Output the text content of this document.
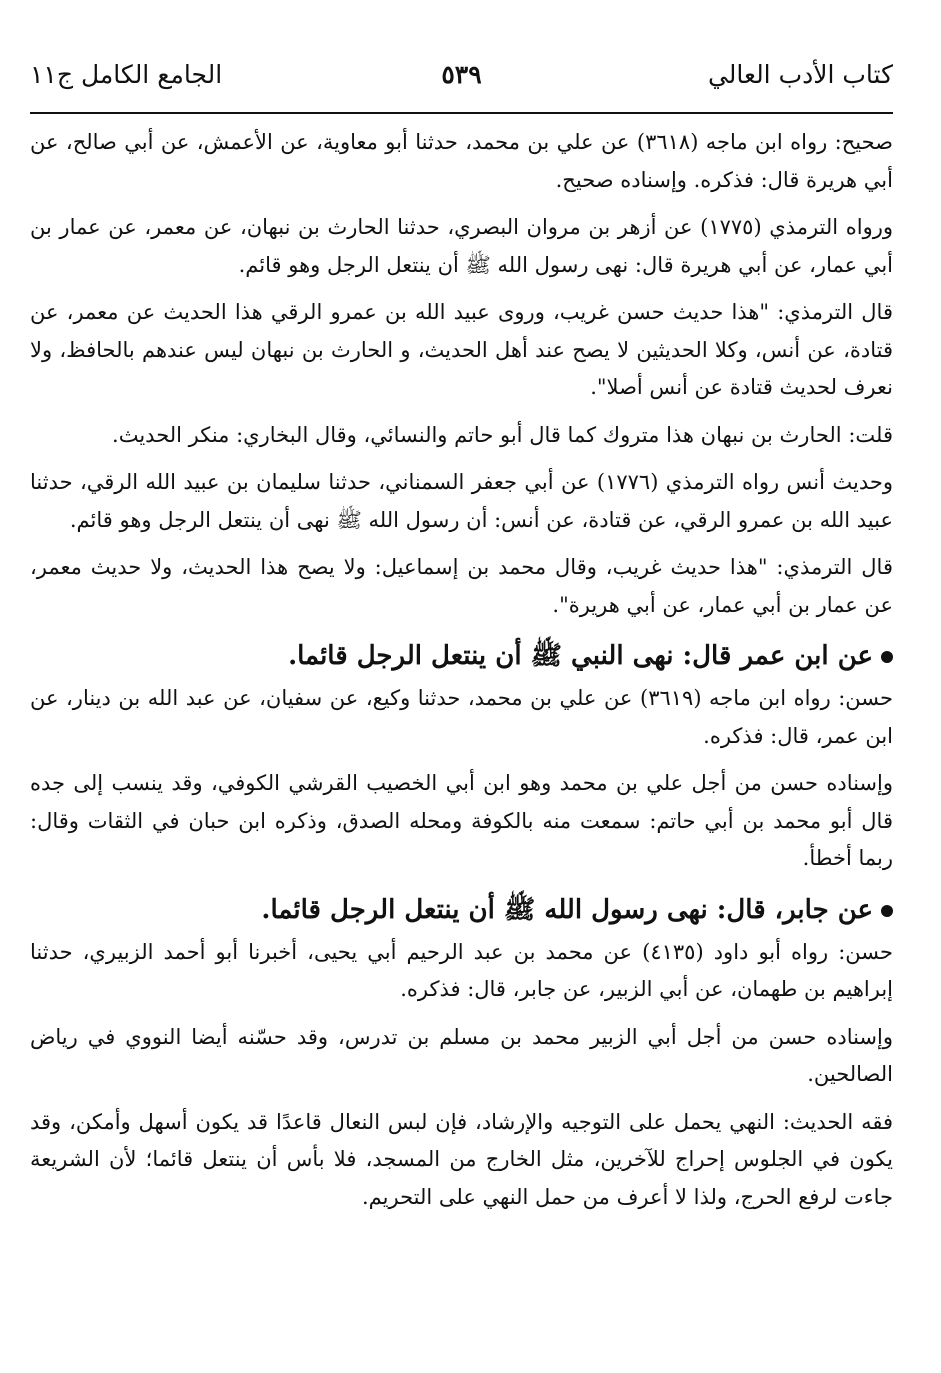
كتاب الأدب العالي
٥٣٩
الجامع الكامل ج١١

صحيح: رواه ابن ماجه (٣٦١٨) عن علي بن محمد، حدثنا أبو معاوية، عن الأعمش، عن أبي صالح، عن أبي هريرة قال: فذكره. وإسناده صحيح.

ورواه الترمذي (١٧٧٥) عن أزهر بن مروان البصري، حدثنا الحارث بن نبهان، عن معمر، عن عمار بن أبي عمار، عن أبي هريرة قال: نهى رسول الله ﷺ أن ينتعل الرجل وهو قائم.

قال الترمذي: "هذا حديث حسن غريب، وروى عبيد الله بن عمرو الرقي هذا الحديث عن معمر، عن قتادة، عن أنس، وكلا الحديثين لا يصح عند أهل الحديث، و الحارث بن نبهان ليس عندهم بالحافظ، ولا نعرف لحديث قتادة عن أنس أصلا".

قلت: الحارث بن نبهان هذا متروك كما قال أبو حاتم والنسائي، وقال البخاري: منكر الحديث.

وحديث أنس رواه الترمذي (١٧٧٦) عن أبي جعفر السمناني، حدثنا سليمان بن عبيد الله الرقي، حدثنا عبيد الله بن عمرو الرقي، عن قتادة، عن أنس: أن رسول الله ﷺ نهى أن ينتعل الرجل وهو قائم.

قال الترمذي: "هذا حديث غريب، وقال محمد بن إسماعيل: ولا يصح هذا الحديث، ولا حديث معمر، عن عمار بن أبي عمار، عن أبي هريرة".

عن ابن عمر قال: نهى النبي ﷺ أن ينتعل الرجل قائما.

حسن: رواه ابن ماجه (٣٦١٩) عن علي بن محمد، حدثنا وكيع، عن سفيان، عن عبد الله بن دينار، عن ابن عمر، قال: فذكره.

وإسناده حسن من أجل علي بن محمد وهو ابن أبي الخصيب القرشي الكوفي، وقد ينسب إلى جده قال أبو محمد بن أبي حاتم: سمعت منه بالكوفة ومحله الصدق، وذكره ابن حبان في الثقات وقال: ربما أخطأ.

عن جابر، قال: نهى رسول الله ﷺ أن ينتعل الرجل قائما.

حسن: رواه أبو داود (٤١٣٥) عن محمد بن عبد الرحيم أبي يحيى، أخبرنا أبو أحمد الزبيري، حدثنا إبراهيم بن طهمان، عن أبي الزبير، عن جابر، قال: فذكره.

وإسناده حسن من أجل أبي الزبير محمد بن مسلم بن تدرس، وقد حسّنه أيضا النووي في رياض الصالحين.

فقه الحديث: النهي يحمل على التوجيه والإرشاد، فإن لبس النعال قاعدًا قد يكون أسهل وأمكن، وقد يكون في الجلوس إحراج للآخرين، مثل الخارج من المسجد، فلا بأس أن ينتعل قائما؛ لأن الشريعة جاءت لرفع الحرج، ولذا لا أعرف من حمل النهي على التحريم.
